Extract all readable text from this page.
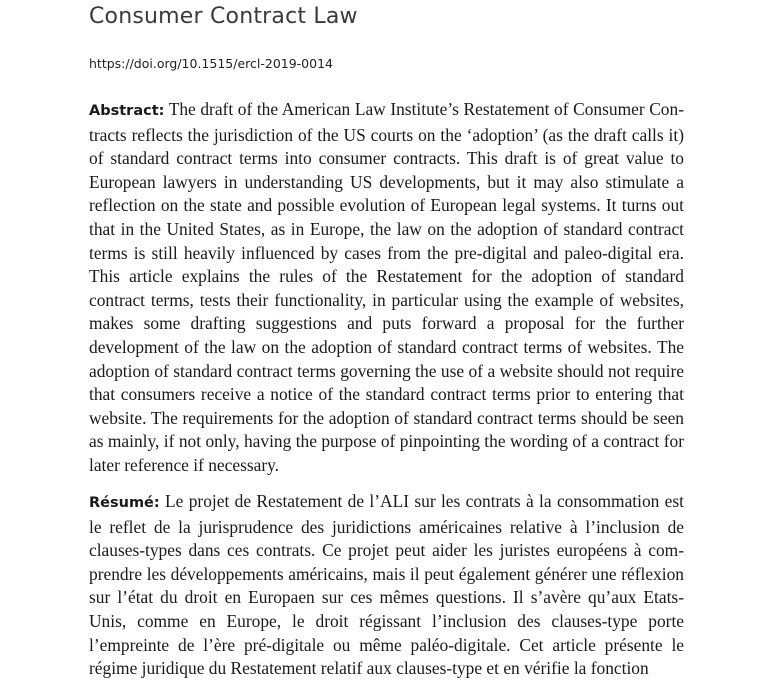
Consumer Contract Law
https://doi.org/10.1515/ercl-2019-0014

Abstract: The draft of the American Law Institute’s Restatement of Consumer Contracts reflects the jurisdiction of the US courts on the ‘adoption’ (as the draft calls it) of standard contract terms into consumer contracts. This draft is of great value to European lawyers in understanding US developments, but it may also stimulate a reflection on the state and possible evolution of European legal systems. It turns out that in the United States, as in Europe, the law on the adoption of standard contract terms is still heavily influenced by cases from the pre-digital and paleo-digital era. This article explains the rules of the Restatement for the adoption of standard contract terms, tests their functionality, in particular using the example of websites, makes some drafting suggestions and puts forward a proposal for the further development of the law on the adoption of standard contract terms of websites. The adoption of standard contract terms governing the use of a website should not require that consumers receive a notice of the standard contract terms prior to entering that website. The requirements for the adoption of standard contract terms should be seen as mainly, if not only, having the purpose of pinpointing the wording of a contract for later reference if necessary.

Résumé: Le projet de Restatement de l’ALI sur les contrats à la consommation est le reflet de la jurisprudence des juridictions américaines relative à l’inclusion de clauses-types dans ces contrats. Ce projet peut aider les juristes européens à comprendre les développements américains, mais il peut également générer une réflexion sur l’état du droit en Europaen sur ces mêmes questions. Il s’avère qu’aux Etats-Unis, comme en Europe, le droit régissant l’inclusion des clauses-type porte l’empreinte de l’ère pré-digitale ou même paléo-digitale. Cet article présente le régime juridique du Restatement relatif aux clauses-type et en vérifie la fonction
